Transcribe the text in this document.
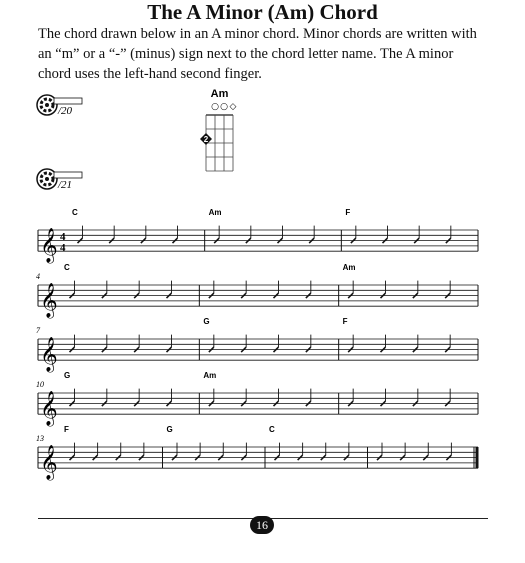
The A Minor (Am) Chord

The chord drawn below in an A minor chord. Minor chords are written with an “m” or a “-” (minus) sign next to the chord letter name. The A minor chord uses the left-hand second finger.

/20
/21
Am
○ ○ ◇
2
𝄞 4
4
C	Am	F
𝄞
4
C	Am
𝄞
7
G	F
𝄞
10
G	Am
𝄞
13
F	G	C
16
